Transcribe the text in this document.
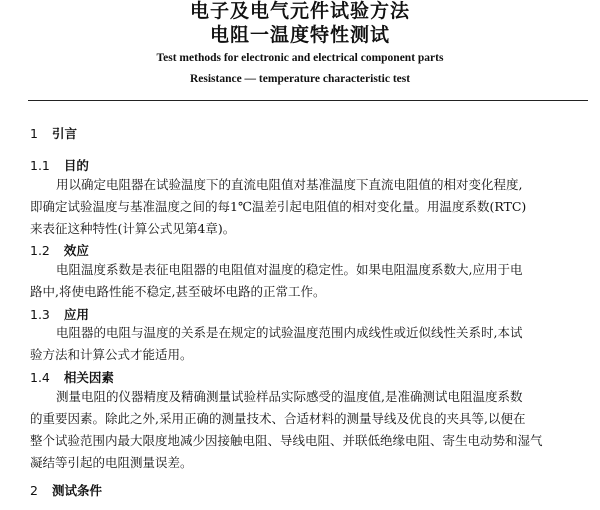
电子及电气元件试验方法
电阻一温度特性测试
Test methods for electronic and electrical component parts
Resistance — temperature characteristic test
1 引言
1.1 目的
用以确定电阻器在试验温度下的直流电阻值对基准温度下直流电阻值的相对变化程度,
即确定试验温度与基准温度之间的每1℃温差引起电阻值的相对变化量。用温度系数(RTC)
来表征这种特性(计算公式见第4章)。
1.2 效应
电阻温度系数是表征电阻器的电阻值对温度的稳定性。如果电阻温度系数大,应用于电
路中,将使电路性能不稳定,甚至破坏电路的正常工作。
1.3 应用
电阻器的电阻与温度的关系是在规定的试验温度范围内成线性或近似线性关系时,本试
验方法和计算公式才能适用。
1.4 相关因素
测量电阻的仪器精度及精确测量试验样品实际感受的温度值,是准确测试电阻温度系数
的重要因素。除此之外,采用正确的测量技术、合适材料的测量导线及优良的夹具等,以便在
整个试验范围内最大限度地减少因接触电阻、导线电阻、并联低绝缘电阻、寄生电动势和湿气
凝结等引起的电阻测量误差。
2 测试条件
